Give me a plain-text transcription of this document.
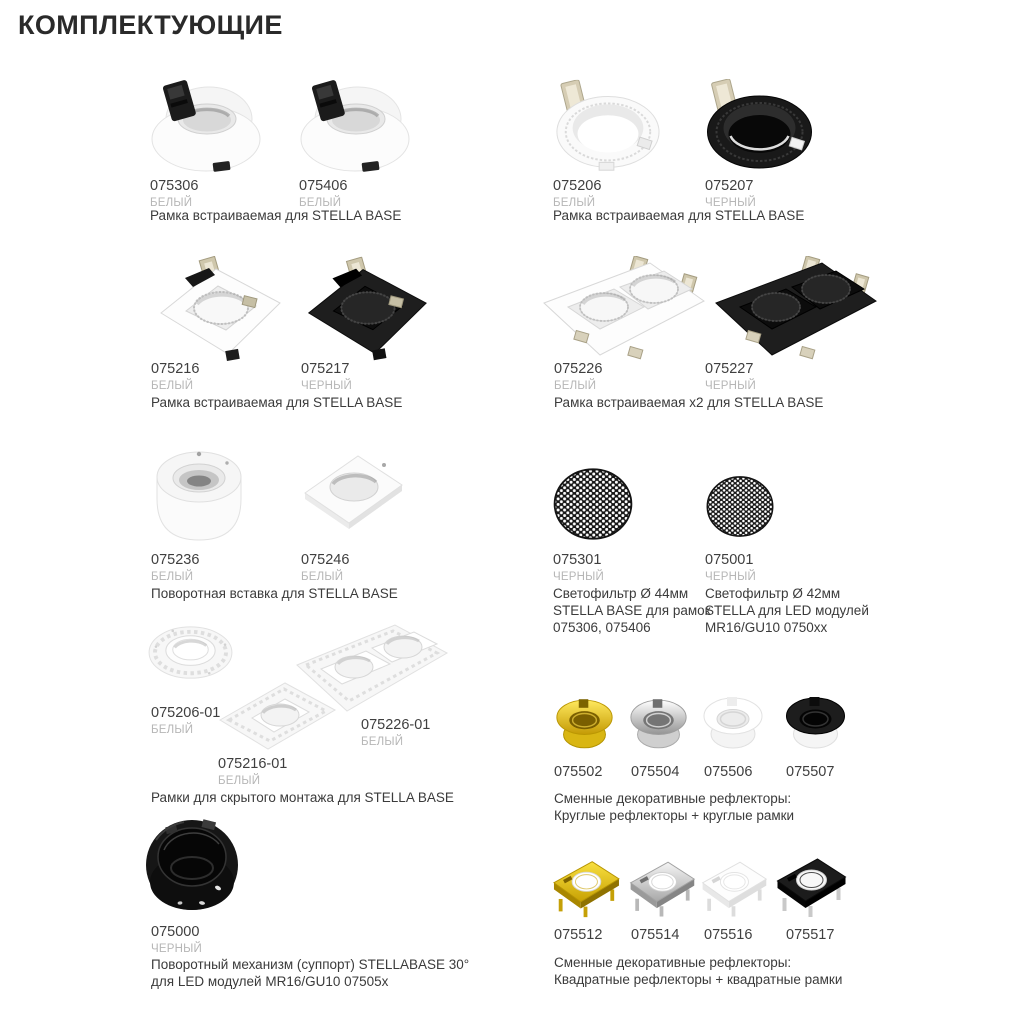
КОМПЛЕКТУЮЩИЕ
075306
БЕЛЫЙ
075406
БЕЛЫЙ
Рамка встраиваемая для STELLA BASE
075206
БЕЛЫЙ
075207
ЧЕРНЫЙ
Рамка встраиваемая для STELLA BASE
075216
БЕЛЫЙ
075217
ЧЕРНЫЙ
Рамка встраиваемая для STELLA BASE
075226
БЕЛЫЙ
075227
ЧЕРНЫЙ
Рамка встраиваемая x2 для STELLA BASE
075236
БЕЛЫЙ
075246
БЕЛЫЙ
Поворотная вставка для STELLA BASE
075301
ЧЕРНЫЙ
075001
ЧЕРНЫЙ
Светофильтр Ø 44мм
STELLA BASE для рамок
075306, 075406
Светофильтр Ø 42мм
STELLA для LED модулей
MR16/GU10 0750xx
075206-01
БЕЛЫЙ	075226-01
БЕЛЫЙ
075216-01
БЕЛЫЙ
Рамки для скрытого монтажа для STELLA BASE
075502 075504 075506 075507
Сменные декоративные рефлекторы:
Круглые рефлекторы + круглые рамки
075000
ЧЕРНЫЙ
Поворотный механизм (суппорт) STELLABASE 30°
для LED модулей MR16/GU10 07505x
075512 075514 075516 075517
Сменные декоративные рефлекторы:
Квадратные рефлекторы + квадратные рамки
